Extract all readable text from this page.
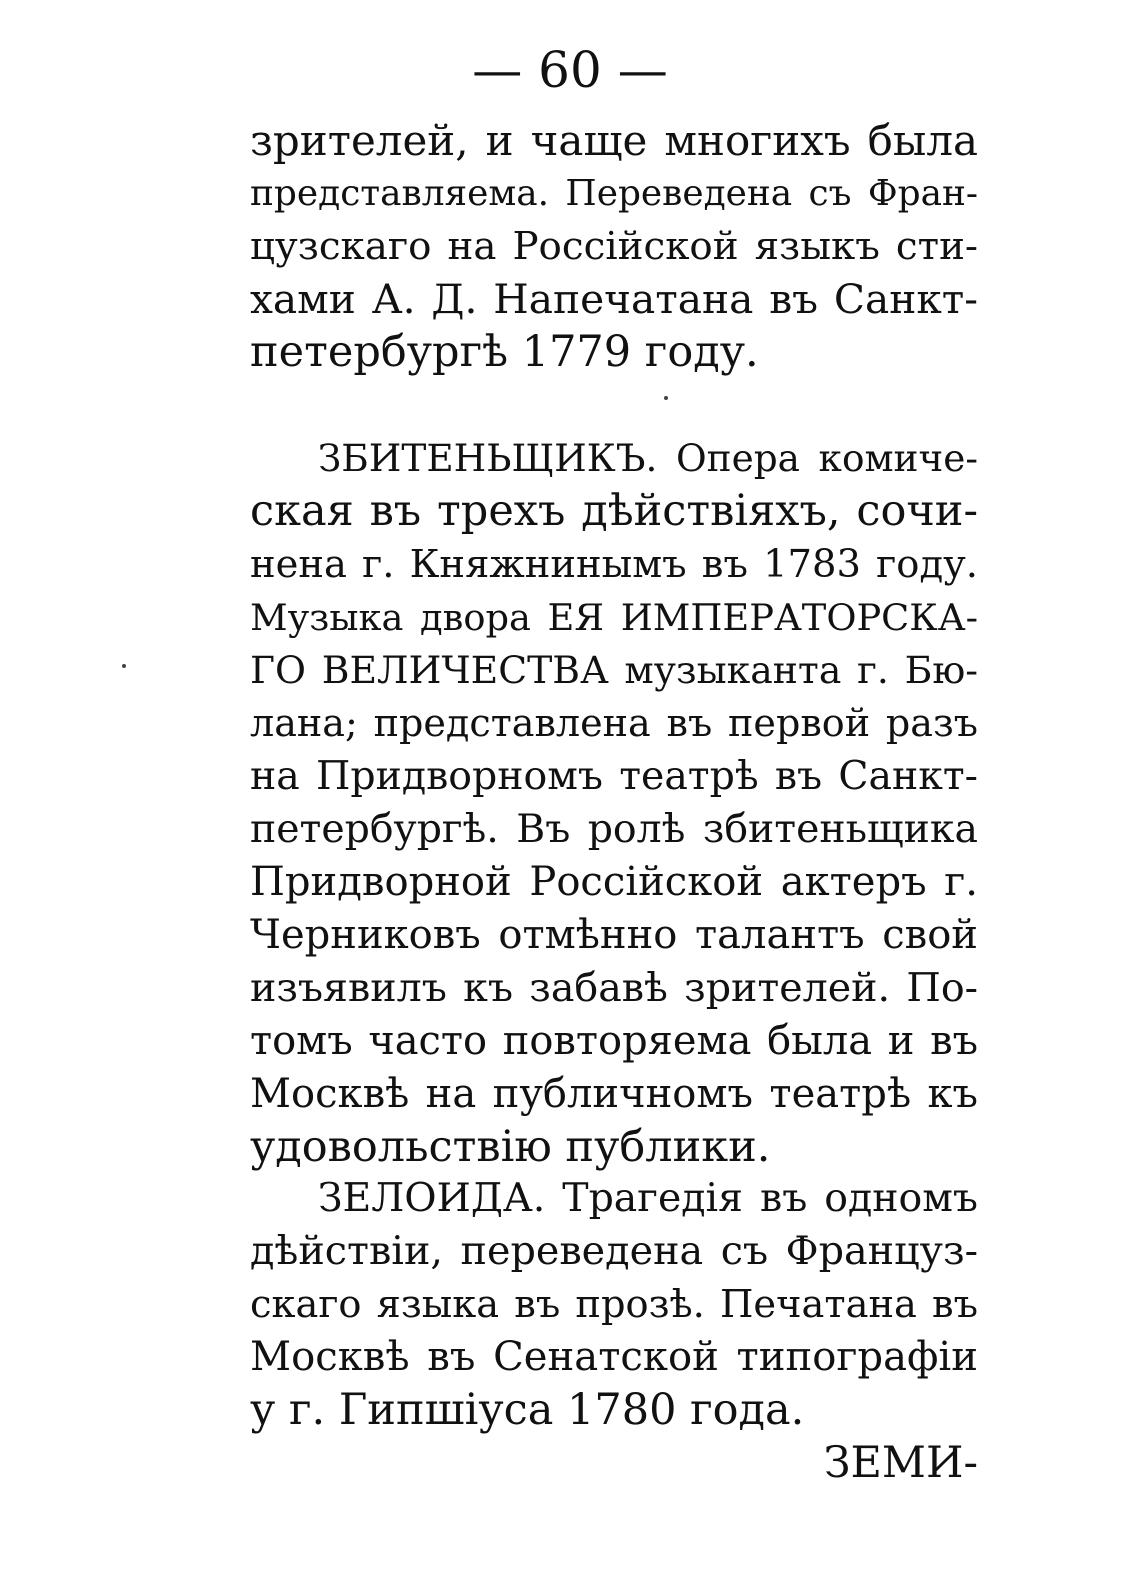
— 60 —
зрителей, и чаще многихъ была
представляема. Переведена съ Фран-
цузскаго на Россійской языкъ сти-
хами А. Д. Напечатана въ Санкт-
петербургѣ 1779 году.
ЗБИТЕНЬЩИКЪ. Опера комиче-
ская въ трехъ дѣйствіяхъ, сочи-
нена г. Княжнинымъ въ 1783 году.
Музыка двора ЕЯ ИМПЕРАТОРСКА-
ГО ВЕЛИЧЕСТВА музыканта г. Бю-
лана; представлена въ первой разъ
на Придворномъ театрѣ въ Санкт-
петербургѣ. Въ ролѣ збитеньщика
Придворной Россійской актеръ г.
Черниковъ отмѣнно талантъ свой
изъявилъ къ забавѣ зрителей. По-
томъ часто повторяема была и въ
Москвѣ на публичномъ театрѣ къ
удовольствію публики.
ЗЕЛОИДА. Трагедія въ одномъ
дѣйствіи, переведена съ Француз-
скаго языка въ прозѣ. Печатана въ
Москвѣ въ Сенатской типографіи
у г. Гипшіуса 1780 года.
ЗЕМИ-
